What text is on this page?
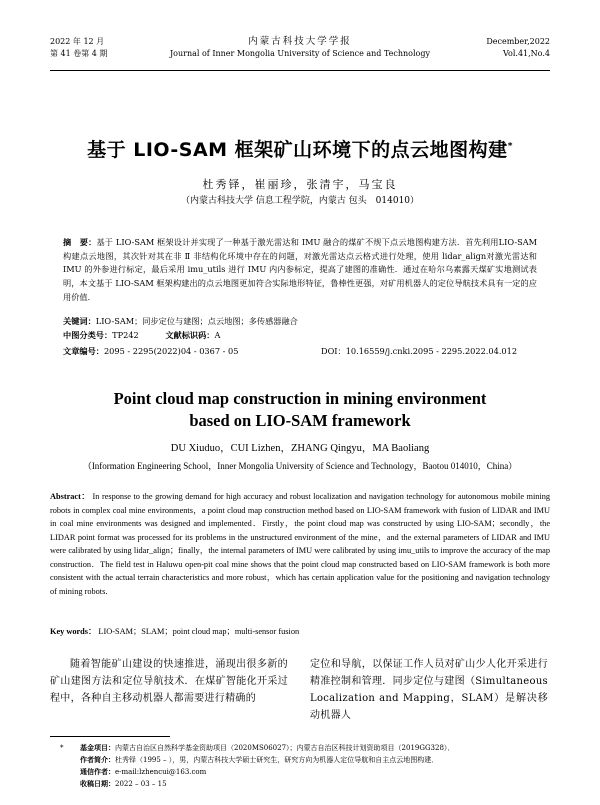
2022 年 12 月
第 41 卷第 4 期
内蒙古科技大学学报
Journal of Inner Mongolia University of Science and Technology
December,2022
Vol.41,No.4
基于 LIO-SAM 框架矿山环境下的点云地图构建*
杜秀铎，崔丽珍，张清宇，马宝良
（内蒙古科技大学 信息工程学院，内蒙古 包头　014010）
摘　要：基于 LIO-SAM 框架设计并实现了一种基于激光雷达和 IMU 融合的煤矿不规下点云地图构建方法．首先利用LIO-SAM构建点云地图，其次针对其在非 Ⅱ 非结构化环境中存在的问题，对激光雷达点云格式进行处理，使用 lidar_align对激光雷达和 IMU 的外参进行标定，最后采用 imu_utils 进行 IMU 内内参标定，提高了建图的准确性．通过在哈尔乌素露天煤矿实地测试表明，本文基于 LIO-SAM 框架构建出的点云地图更加符合实际地形特征，鲁棒性更强，对矿用机器人的定位导航技术具有一定的应用价值．
关键词：LIO-SAM；同步定位与建图；点云地图；多传感器融合
中图分类号：TP242	文献标识码：A
文章编号：2095 - 2295(2022)04 - 0367 - 05	DOI：10.16559/j.cnki.2095 - 2295.2022.04.012
Point cloud map construction in mining environment
based on LIO-SAM framework
DU Xiuduo，CUI Lizhen，ZHANG Qingyu，MA Baoliang
（Information Engineering School，Inner Mongolia University of Science and Technology，Baotou 014010，China）
Abstract： In response to the growing demand for high accuracy and robust localization and navigation technology for autonomous mobile mining robots in complex coal mine environments，a point cloud map construction method based on LIO-SAM framework with fusion of LIDAR and IMU in coal mine environments was designed and implemented．Firstly，the point cloud map was constructed by using LIO-SAM；secondly，the LIDAR point format was processed for its problems in the unstructured environment of the mine，and the external parameters of LIDAR and IMU were calibrated by using lidar_align；finally，the internal parameters of IMU were calibrated by using imu_utils to improve the accuracy of the map construction．The field test in Haluwu open-pit coal mine shows that the point cloud map constructed based on LIO-SAM framework is both more consistent with the actual terrain characteristics and more robust，which has certain application value for the positioning and navigation technology of mining robots．
Key words： LIO-SAM；SLAM；point cloud map；multi-sensor fusion
随着智能矿山建设的快速推进，涌现出很多新的矿山建图方法和定位导航技术．在煤矿智能化开采过程中，各种自主移动机器人都需要进行精确的
定位和导航，以保证工作人员对矿山少人化开采进行精准控制和管理．同步定位与建图（Simultaneous Localization and Mapping，SLAM）是解决移动机器人
* 基金项目：内蒙古自治区自然科学基金资助项目（2020MS06027）；内蒙古自治区科技计划资助项目（2019GG328）．
作者简介：杜秀铎（1995 – ），男，内蒙古科技大学硕士研究生，研究方向为机器人定位导航和自主点云地图构建．
通信作者：e-mail:lzhencui@163.com
收稿日期：2022 – 03 – 15
